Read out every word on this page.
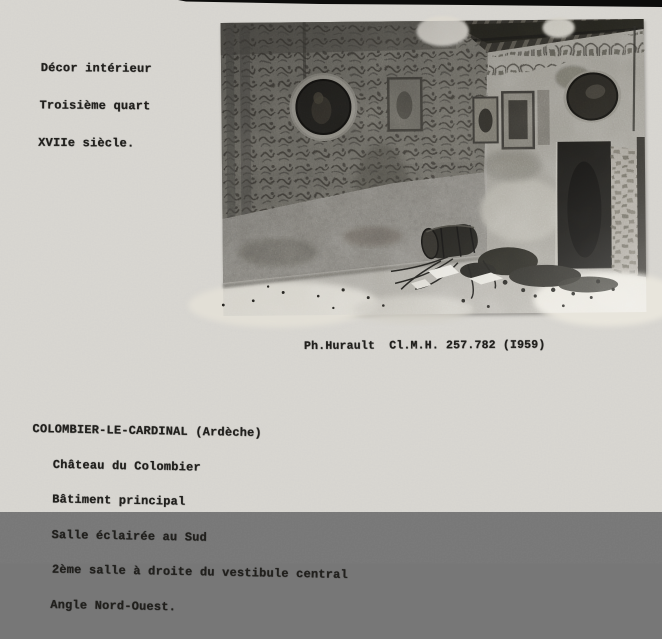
Décor intérieur

Troisième quart

XVIIe siècle.

Ph.Hurault  Cl.M.H. 257.782 (I959)

COLOMBIER-LE-CARDINAL (Ardèche)

Château du Colombier

Bâtiment principal

Salle éclairée au Sud

2ème salle à droite du vestibule central

Angle Nord-Ouest.
